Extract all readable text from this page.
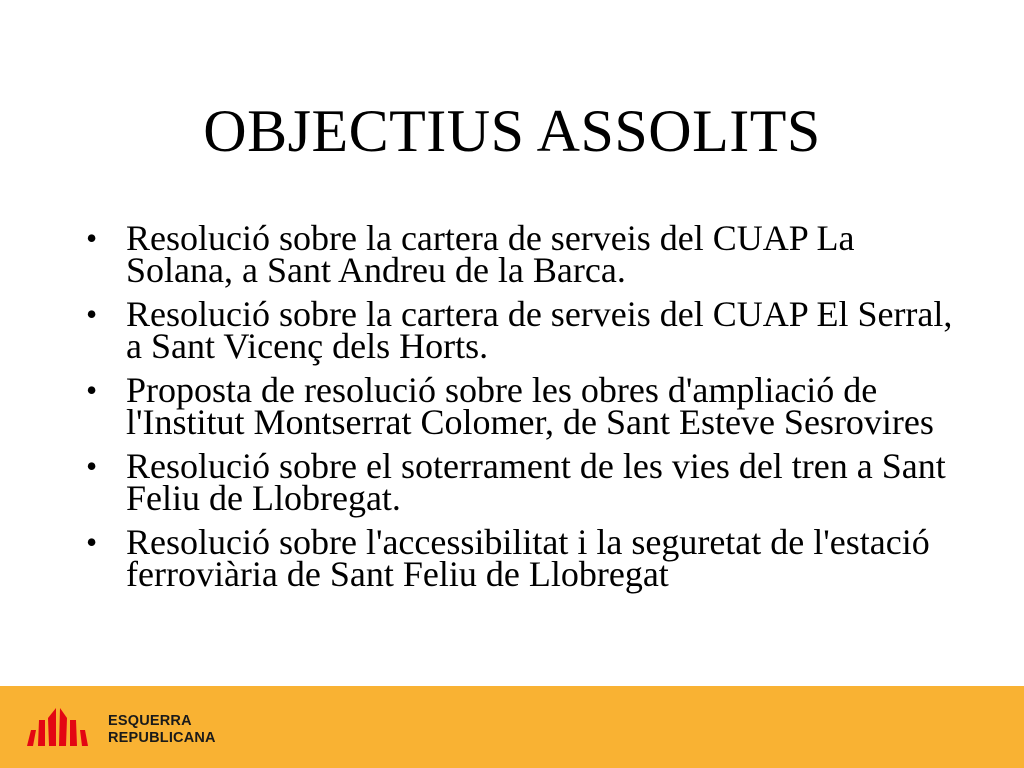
OBJECTIUS ASSOLITS
• Resolució sobre la cartera de serveis del CUAP La Solana, a Sant Andreu de la Barca.
• Resolució sobre la cartera de serveis del CUAP El Serral, a Sant Vicenç dels Horts.
• Proposta de resolució sobre les obres d'ampliació de l'Institut Montserrat Colomer, de Sant Esteve Sesrovires
• Resolució sobre el soterrament de les vies del tren a Sant Feliu de Llobregat.
• Resolució sobre l'accessibilitat i la seguretat de l'estació ferroviària de Sant Feliu de Llobregat
ESQUERRA
REPUBLICANA
